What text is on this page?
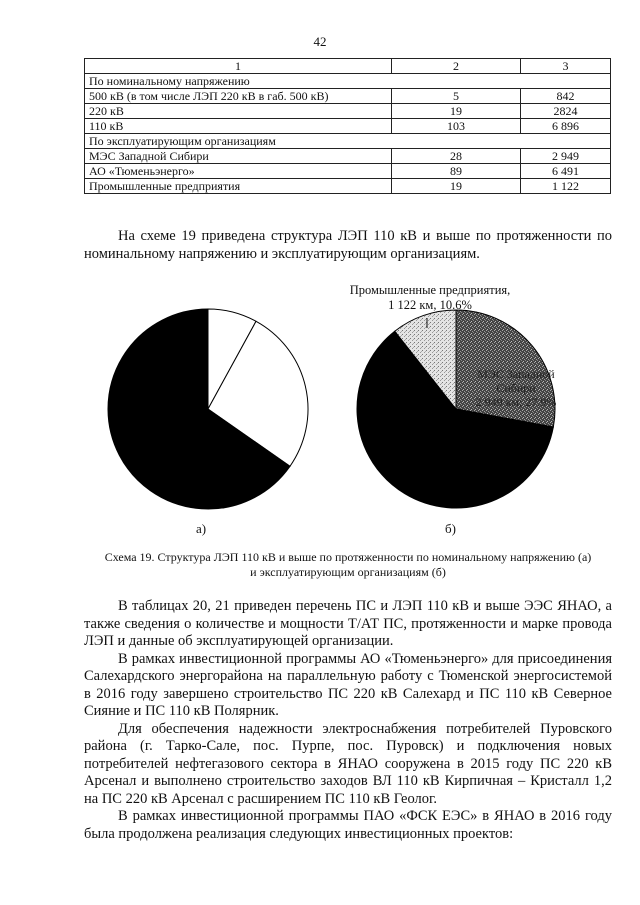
42
1	2	3
По номинальному напряжению		
500 кВ (в том числе ЛЭП 220 кВ в габ. 500 кВ)	5	842
220 кВ	19	2824
110 кВ	103	6 896
По эксплуатирующим организациям		
МЭС Западной Сибири	28	2 949
АО «Тюменьэнерго»	89	6 491
Промышленные предприятия	19	1 122

На схеме 19 приведена структура ЛЭП 110 кВ и выше по протяженности по номинальному напряжению и эксплуатирующим организациям.

Промышленные предприятия,
1 122 км, 10.6%
МЭС Западной
Сибири
2 949 км; 27.9%
а)	б)
Схема 19. Структура ЛЭП 110 кВ и выше по протяженности по номинальному напряжению (а)
и эксплуатирующим организациям (б)

В таблицах 20, 21 приведен перечень ПС и ЛЭП 110 кВ и выше ЭЭС ЯНАО, а также сведения о количестве и мощности Т/АТ ПС, протяженности и марке провода ЛЭП и данные об эксплуатирующей организации.

В рамках инвестиционной программы АО «Тюменьэнерго» для присоединения Салехардского энергорайона на параллельную работу с Тюменской энергосистемой в 2016 году завершено строительство ПС 220 кВ Салехард и ПС 110 кВ Северное Сияние и ПС 110 кВ Полярник.

Для обеспечения надежности электроснабжения потребителей Пуровского района (г. Тарко-Сале, пос. Пурпе, пос. Пуровск) и подключения новых потребителей нефтегазового сектора в ЯНАО сооружена в 2015 году ПС 220 кВ Арсенал и выполнено строительство заходов ВЛ 110 кВ Кирпичная – Кристалл 1,2 на ПС 220 кВ Арсенал с расширением ПС 110 кВ Геолог.

В рамках инвестиционной программы ПАО «ФСК ЕЭС» в ЯНАО в 2016 году была продолжена реализация следующих инвестиционных проектов:
